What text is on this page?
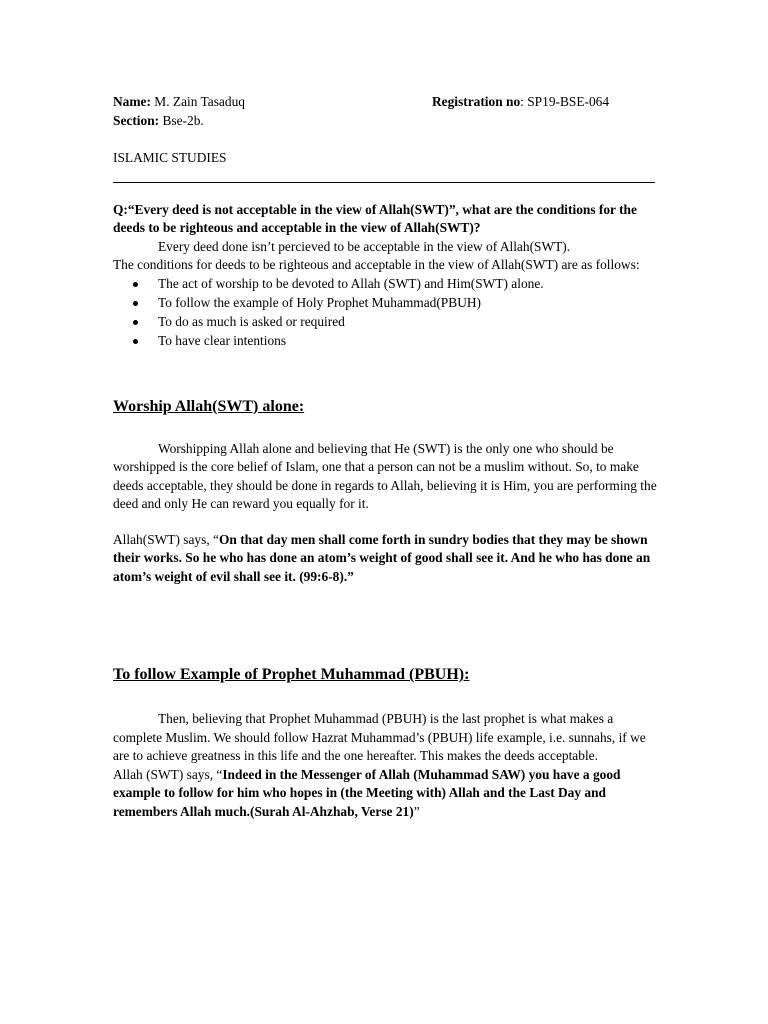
Name: M. Zain Tasaduq	Registration no: SP19-BSE-064
Section: Bse-2b.
ISLAMIC STUDIES
Q:“Every deed is not acceptable in the view of Allah(SWT)”, what are the conditions for the deeds to be righteous and acceptable in the view of Allah(SWT)?
Every deed done isn’t percieved to be acceptable in the view of Allah(SWT).
The conditions for deeds to be righteous and acceptable in the view of Allah(SWT) are as follows:
The act of worship to be devoted to Allah (SWT) and Him(SWT) alone.
To follow the example of Holy Prophet Muhammad(PBUH)
To do as much is asked or required
To have clear intentions
Worship Allah(SWT) alone:
Worshipping Allah alone and believing that He (SWT) is the only one who should be worshipped is the core belief of Islam, one that a person can not be a muslim without. So, to make deeds acceptable, they should be done in regards to Allah, believing it is Him, you are performing the deed and only He can reward you equally for it.
Allah(SWT) says, “On that day men shall come forth in sundry bodies that they may be shown their works. So he who has done an atom’s weight of good shall see it. And he who has done an atom’s weight of evil shall see it. (99:6-8).”
To follow Example of Prophet Muhammad (PBUH):
Then, believing that Prophet Muhammad (PBUH) is the last prophet is what makes a complete Muslim. We should follow Hazrat Muhammad’s (PBUH) life example, i.e. sunnahs, if we are to achieve greatness in this life and the one hereafter. This makes the deeds acceptable.
Allah (SWT) says, “Indeed in the Messenger of Allah (Muhammad SAW) you have a good example to follow for him who hopes in (the Meeting with) Allah and the Last Day and remembers Allah much.(Surah Al-Ahzhab, Verse 21)”
